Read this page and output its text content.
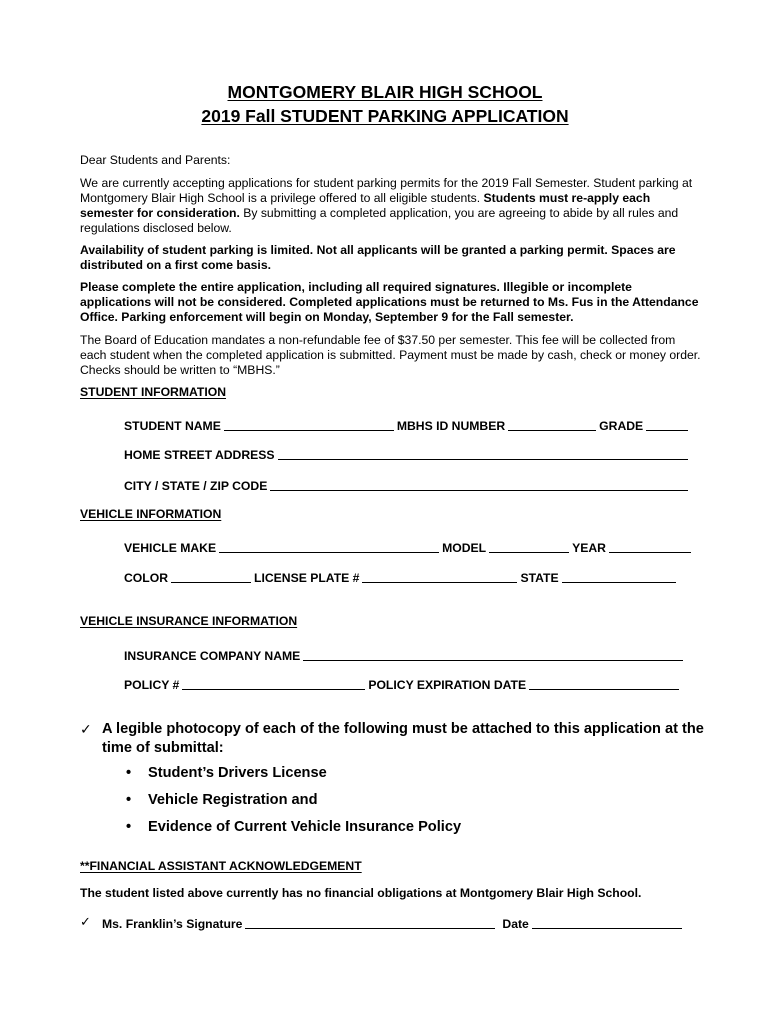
MONTGOMERY BLAIR HIGH SCHOOL
2019 Fall STUDENT PARKING APPLICATION
Dear Students and Parents:
We are currently accepting applications for student parking permits for the 2019 Fall Semester. Student parking at Montgomery Blair High School is a privilege offered to all eligible students. Students must re-apply each semester for consideration. By submitting a completed application, you are agreeing to abide by all rules and regulations disclosed below.
Availability of student parking is limited. Not all applicants will be granted a parking permit. Spaces are distributed on a first come basis.
Please complete the entire application, including all required signatures. Illegible or incomplete applications will not be considered. Completed applications must be returned to Ms. Fus in the Attendance Office. Parking enforcement will begin on Monday, September 9 for the Fall semester.
The Board of Education mandates a non-refundable fee of $37.50 per semester. This fee will be collected from each student when the completed application is submitted. Payment must be made by cash, check or money order. Checks should be written to “MBHS.”
STUDENT INFORMATION
STUDENT NAME	MBHS ID NUMBER	GRADE
HOME STREET ADDRESS
CITY / STATE / ZIP CODE
VEHICLE INFORMATION
VEHICLE MAKE	MODEL	YEAR
COLOR	LICENSE PLATE #	STATE
VEHICLE INSURANCE INFORMATION
INSURANCE COMPANY NAME
POLICY #	POLICY EXPIRATION DATE
✓ A legible photocopy of each of the following must be attached to this application at the time of submittal:
• Student’s Drivers License
• Vehicle Registration and
• Evidence of Current Vehicle Insurance Policy
**FINANCIAL ASSISTANT ACKNOWLEDGEMENT
The student listed above currently has no financial obligations at Montgomery Blair High School.
✓ Ms. Franklin’s Signature	Date
